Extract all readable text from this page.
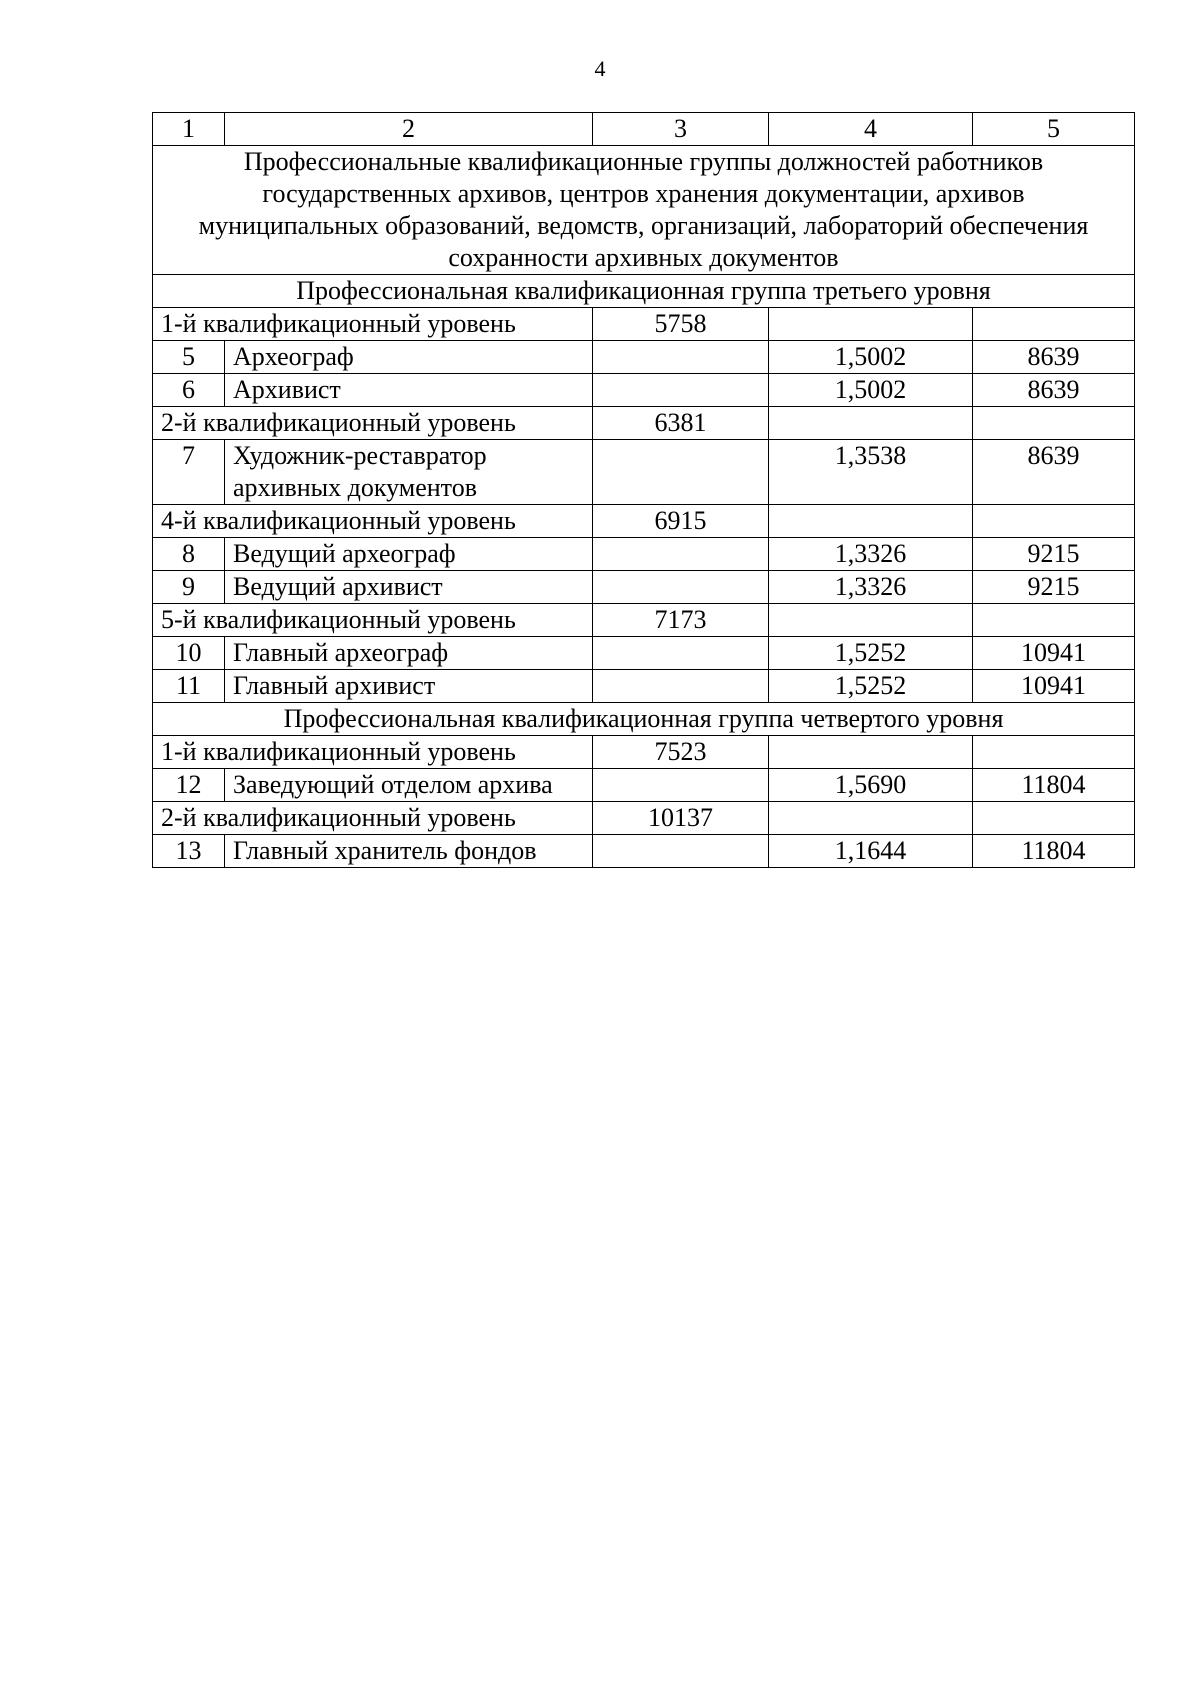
4
1	2	3	4	5
Профессиональные квалификационные группы должностей работников государственных архивов, центров хранения документации, архивов муниципальных образований, ведомств, организаций, лабораторий обеспечения сохранности архивных документов				
Профессиональная квалификационная группа третьего уровня				
1-й квалификационный уровень		5758		
5	Археограф		1,5002	8639
6	Архивист		1,5002	8639
2-й квалификационный уровень		6381		
7	Художник-реставратор архивных документов		1,3538	8639
4-й квалификационный уровень		6915		
8	Ведущий археограф		1,3326	9215
9	Ведущий архивист		1,3326	9215
5-й квалификационный уровень		7173		
10	Главный археограф		1,5252	10941
11	Главный архивист		1,5252	10941
Профессиональная квалификационная группа четвертого уровня				
1-й квалификационный уровень		7523		
12	Заведующий отделом архива		1,5690	11804
2-й квалификационный уровень		10137		
13	Главный хранитель фондов		1,1644	11804
